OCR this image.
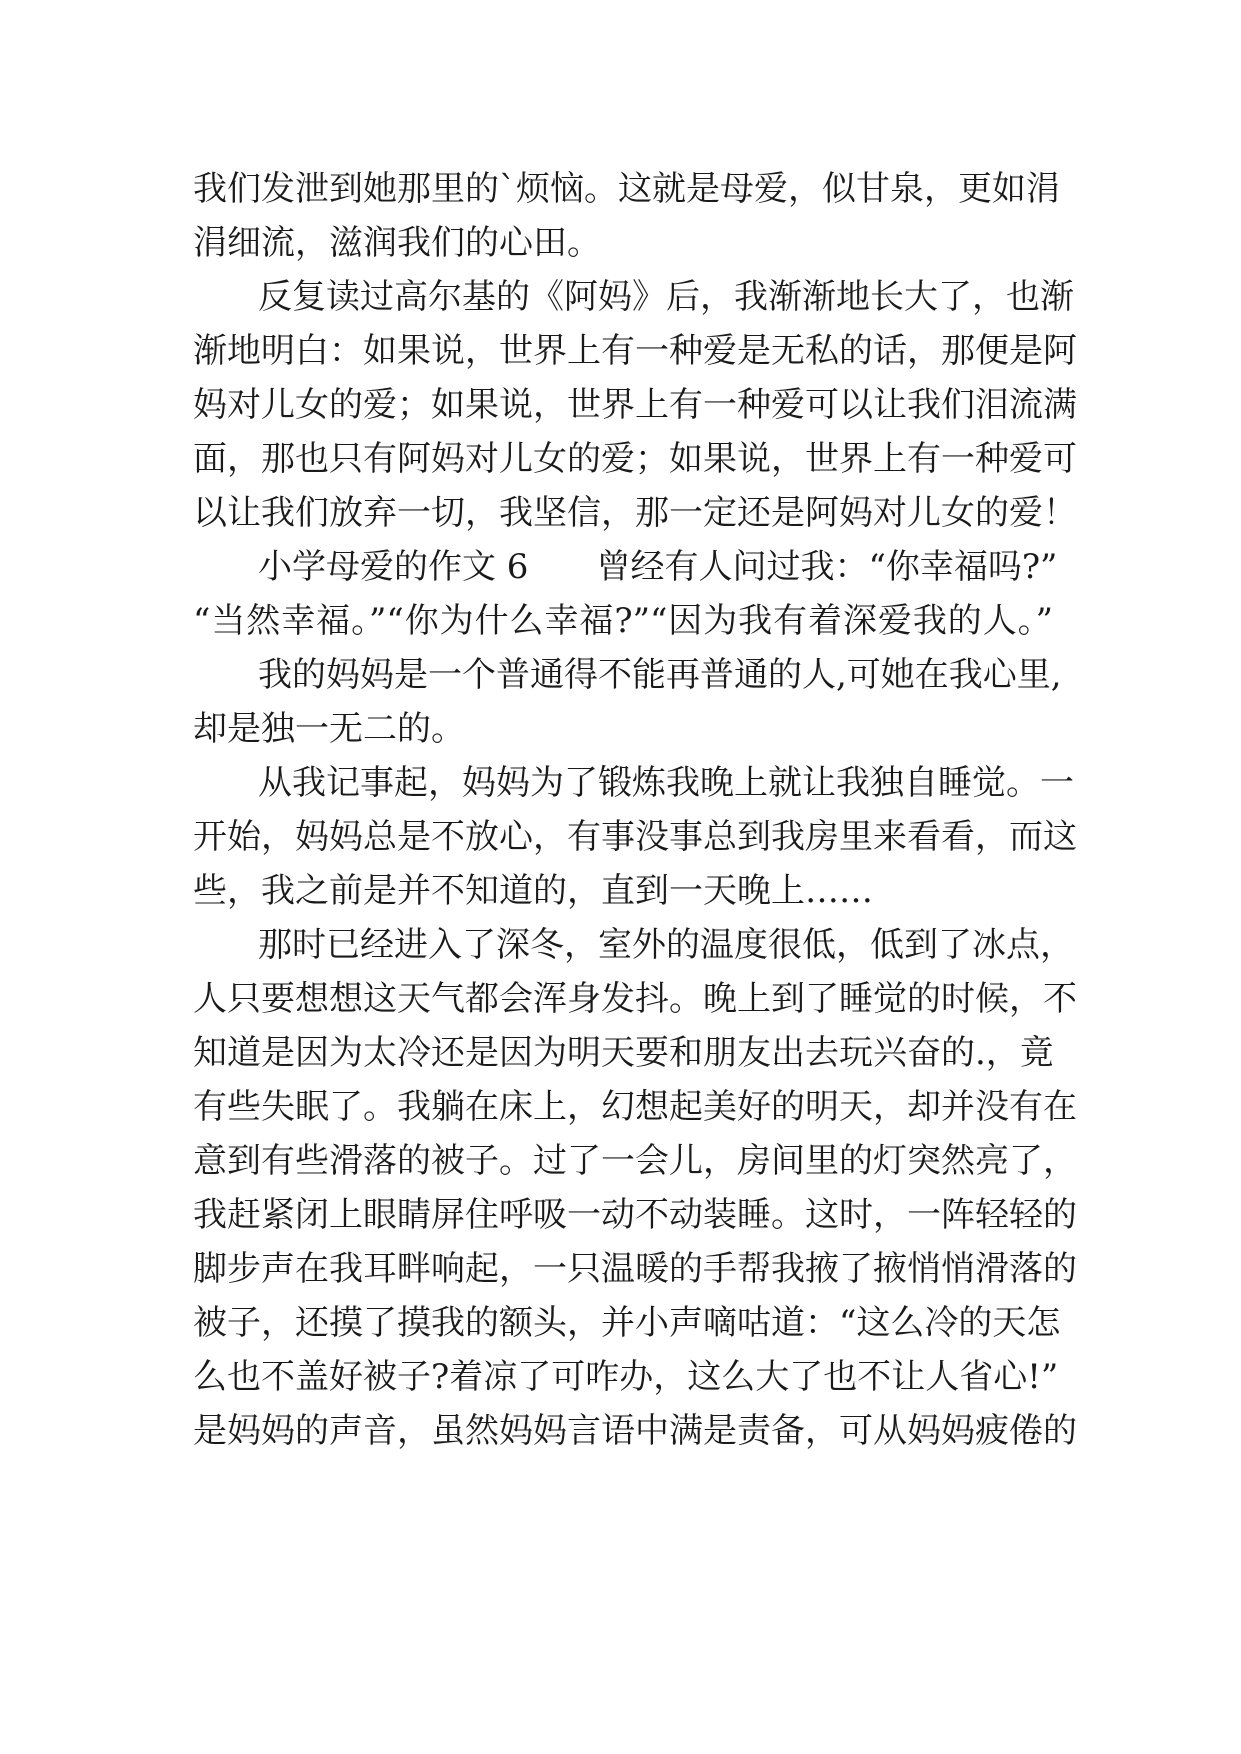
我们发泄到她那里的`烦恼。这就是母爱，似甘泉，更如涓
涓细流，滋润我们的心田。
反复读过高尔基的《阿妈》后，我渐渐地长大了，也渐
渐地明白：如果说，世界上有一种爱是无私的话，那便是阿
妈对儿女的爱；如果说，世界上有一种爱可以让我们泪流满
面，那也只有阿妈对儿女的爱；如果说，世界上有一种爱可
以让我们放弃一切，我坚信，那一定还是阿妈对儿女的爱！
小学母爱的作文 6　　曾经有人问过我：“你幸福吗?”
“当然幸福。”“你为什么幸福?”“因为我有着深爱我的人。”
我的妈妈是一个普通得不能再普通的人,可她在我心里,
却是独一无二的。
从我记事起，妈妈为了锻炼我晚上就让我独自睡觉。一
开始，妈妈总是不放心，有事没事总到我房里来看看，而这
些，我之前是并不知道的，直到一天晚上……
那时已经进入了深冬，室外的温度很低，低到了冰点，
人只要想想这天气都会浑身发抖。晚上到了睡觉的时候，不
知道是因为太冷还是因为明天要和朋友出去玩兴奋的.，竟
有些失眠了。我躺在床上，幻想起美好的明天，却并没有在
意到有些滑落的被子。过了一会儿，房间里的灯突然亮了，
我赶紧闭上眼睛屏住呼吸一动不动装睡。这时，一阵轻轻的
脚步声在我耳畔响起，一只温暖的手帮我掖了掖悄悄滑落的
被子，还摸了摸我的额头，并小声嘀咕道：“这么冷的天怎
么也不盖好被子?着凉了可咋办，这么大了也不让人省心!”
是妈妈的声音，虽然妈妈言语中满是责备，可从妈妈疲倦的
